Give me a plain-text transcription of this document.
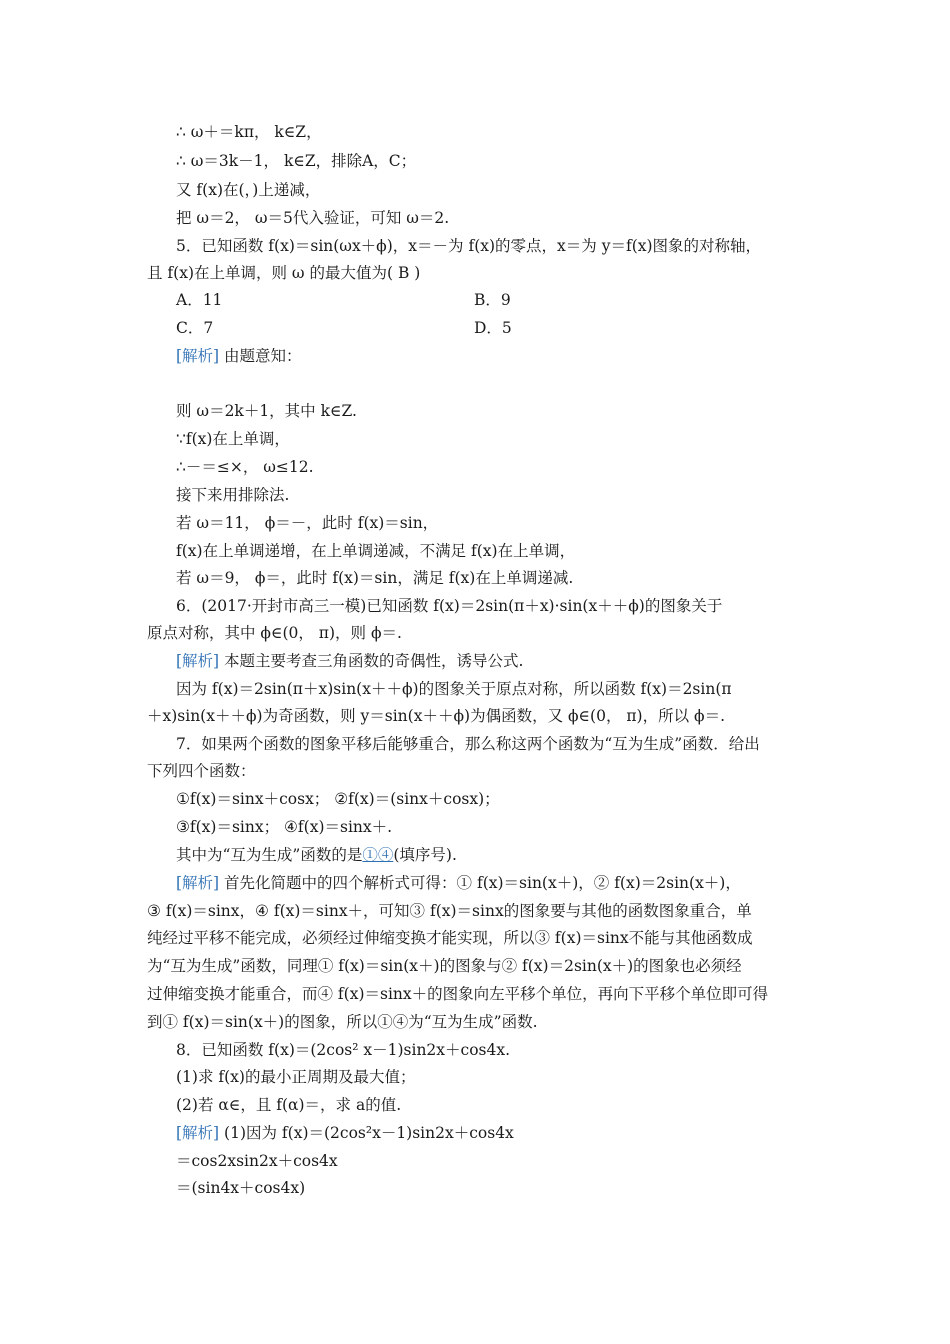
∴ ω＋＝kπ， k∈Z，
∴ ω＝3k－1， k∈Z，排除A，C；
又 f(x)在(，)上递减，
把 ω＝2， ω＝5代入验证，可知 ω＝2.
5．已知函数 f(x)＝sin(ωx＋ϕ)，x＝－为 f(x)的零点，x＝为 y＝f(x)图象的对称轴，
且 f(x)在上单调，则 ω 的最大值为( B )
A．11	B．9
C．7	D．5
[解析] 由题意知：
则 ω＝2k＋1，其中 k∈Z.
∵f(x)在上单调，
∴－＝≤×， ω≤12.
接下来用排除法.
若 ω＝11， ϕ＝－，此时 f(x)＝sin，
f(x)在上单调递增，在上单调递减，不满足 f(x)在上单调，
若 ω＝9， ϕ＝，此时 f(x)＝sin，满足 f(x)在上单调递减.
6．(2017·开封市高三一模)已知函数 f(x)＝2sin(π＋x)·sin(x＋＋ϕ)的图象关于
原点对称，其中 ϕ∈(0， π)，则 ϕ＝.
[解析] 本题主要考查三角函数的奇偶性，诱导公式.
因为 f(x)＝2sin(π＋x)sin(x＋＋ϕ)的图象关于原点对称，所以函数 f(x)＝2sin(π
＋x)sin(x＋＋ϕ)为奇函数，则 y＝sin(x＋＋ϕ)为偶函数，又 ϕ∈(0， π)，所以 ϕ＝.
7．如果两个函数的图象平移后能够重合，那么称这两个函数为“互为生成”函数．给出
下列四个函数：
①f(x)＝sinx＋cosx； ②f(x)＝(sinx＋cosx)；
③f(x)＝sinx； ④f(x)＝sinx＋.
其中为“互为生成”函数的是①④(填序号).
[解析] 首先化简题中的四个解析式可得：① f(x)＝sin(x＋)，② f(x)＝2sin(x＋)，
③ f(x)＝sinx，④ f(x)＝sinx＋，可知③ f(x)＝sinx的图象要与其他的函数图象重合，单
纯经过平移不能完成，必须经过伸缩变换才能实现，所以③ f(x)＝sinx不能与其他函数成
为“互为生成”函数，同理① f(x)＝sin(x＋)的图象与② f(x)＝2sin(x＋)的图象也必须经
过伸缩变换才能重合，而④ f(x)＝sinx＋的图象向左平移个单位，再向下平移个单位即可得
到① f(x)＝sin(x＋)的图象，所以①④为“互为生成”函数.
8．已知函数 f(x)＝(2cos² x－1)sin2x＋cos4x.
(1)求 f(x)的最小正周期及最大值；
(2)若 α∈，且 f(α)＝，求 a的值.
[解析] (1)因为 f(x)＝(2cos²x－1)sin2x＋cos4x
＝cos2xsin2x＋cos4x
＝(sin4x＋cos4x)
